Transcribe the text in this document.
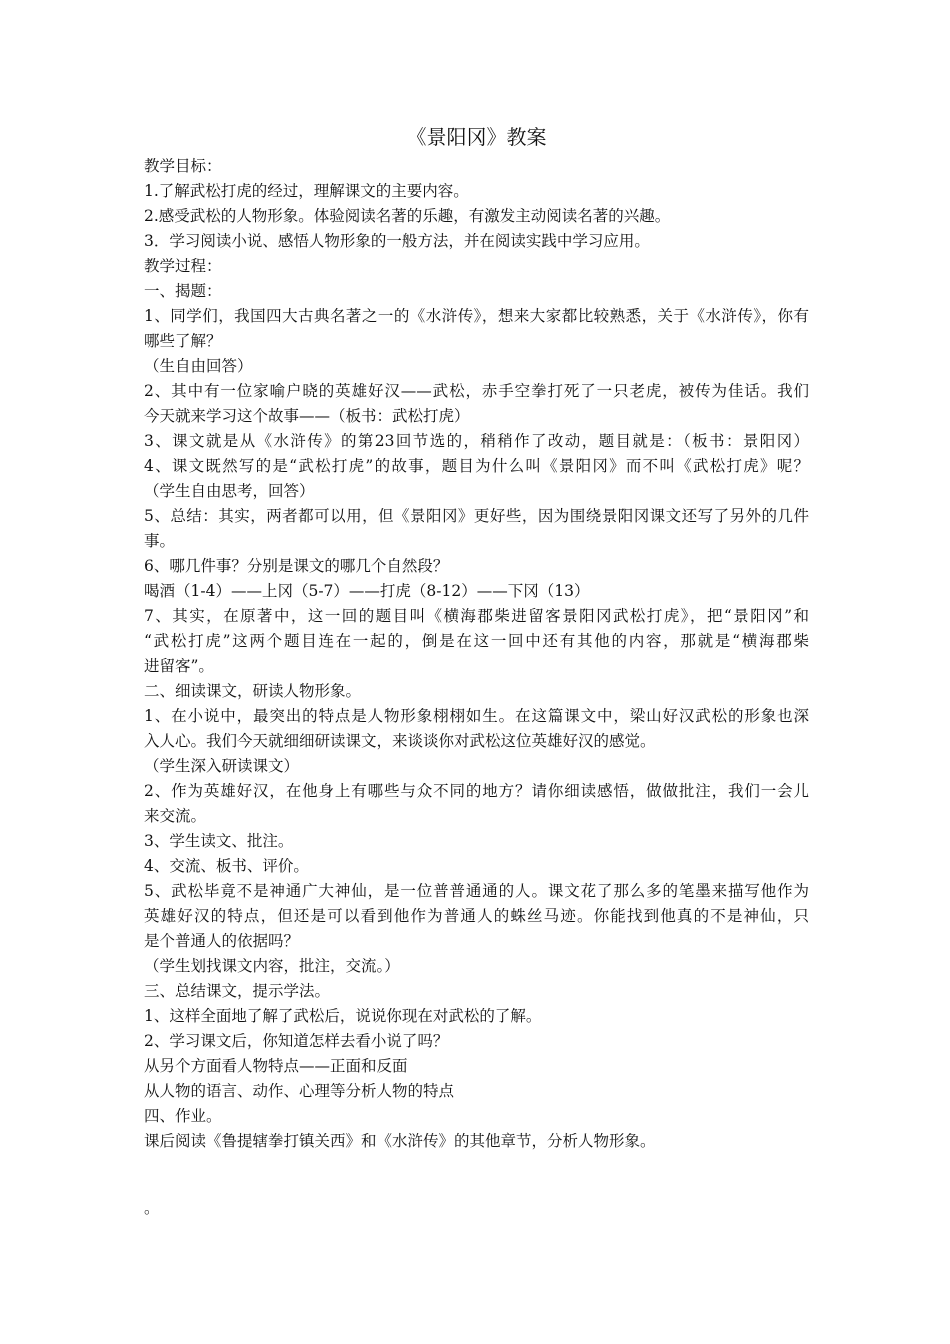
《景阳冈》教案
教学目标：
1.了解武松打虎的经过，理解课文的主要内容。
2.感受武松的人物形象。体验阅读名著的乐趣，有激发主动阅读名著的兴趣。
3．学习阅读小说、感悟人物形象的一般方法，并在阅读实践中学习应用。
教学过程：
一、揭题：
1、同学们，我国四大古典名著之一的《水浒传》，想来大家都比较熟悉，关于《水浒传》，你有
哪些了解？
（生自由回答）
2、其中有一位家喻户晓的英雄好汉——武松，赤手空拳打死了一只老虎，被传为佳话。我们
今天就来学习这个故事——（板书：武松打虎）
3、课文就是从《水浒传》的第23回节选的，稍稍作了改动，题目就是：（板书：景阳冈）
4、课文既然写的是“武松打虎”的故事，题目为什么叫《景阳冈》而不叫《武松打虎》呢？
（学生自由思考，回答）
5、总结：其实，两者都可以用，但《景阳冈》更好些，因为围绕景阳冈课文还写了另外的几件
事。
6、哪几件事？分别是课文的哪几个自然段？
喝酒（1-4）——上冈（5-7）——打虎（8-12）——下冈（13）
7、其实，在原著中，这一回的题目叫《横海郡柴进留客景阳冈武松打虎》，把“景阳冈”和
“武松打虎”这两个题目连在一起的，倒是在这一回中还有其他的内容，那就是“横海郡柴
进留客”。
二、细读课文，研读人物形象。
1、在小说中，最突出的特点是人物形象栩栩如生。在这篇课文中，梁山好汉武松的形象也深
入人心。我们今天就细细研读课文，来谈谈你对武松这位英雄好汉的感觉。
（学生深入研读课文）
2、作为英雄好汉，在他身上有哪些与众不同的地方？请你细读感悟，做做批注，我们一会儿
来交流。
3、学生读文、批注。
4、交流、板书、评价。
5、武松毕竟不是神通广大神仙，是一位普普通通的人。课文花了那么多的笔墨来描写他作为
英雄好汉的特点，但还是可以看到他作为普通人的蛛丝马迹。你能找到他真的不是神仙，只
是个普通人的依据吗？
（学生划找课文内容，批注，交流。）
三、总结课文，提示学法。
1、这样全面地了解了武松后，说说你现在对武松的了解。
2、学习课文后，你知道怎样去看小说了吗？
从另个方面看人物特点——正面和反面
从人物的语言、动作、心理等分析人物的特点
四、作业。
课后阅读《鲁提辖拳打镇关西》和《水浒传》的其他章节，分析人物形象。
。
